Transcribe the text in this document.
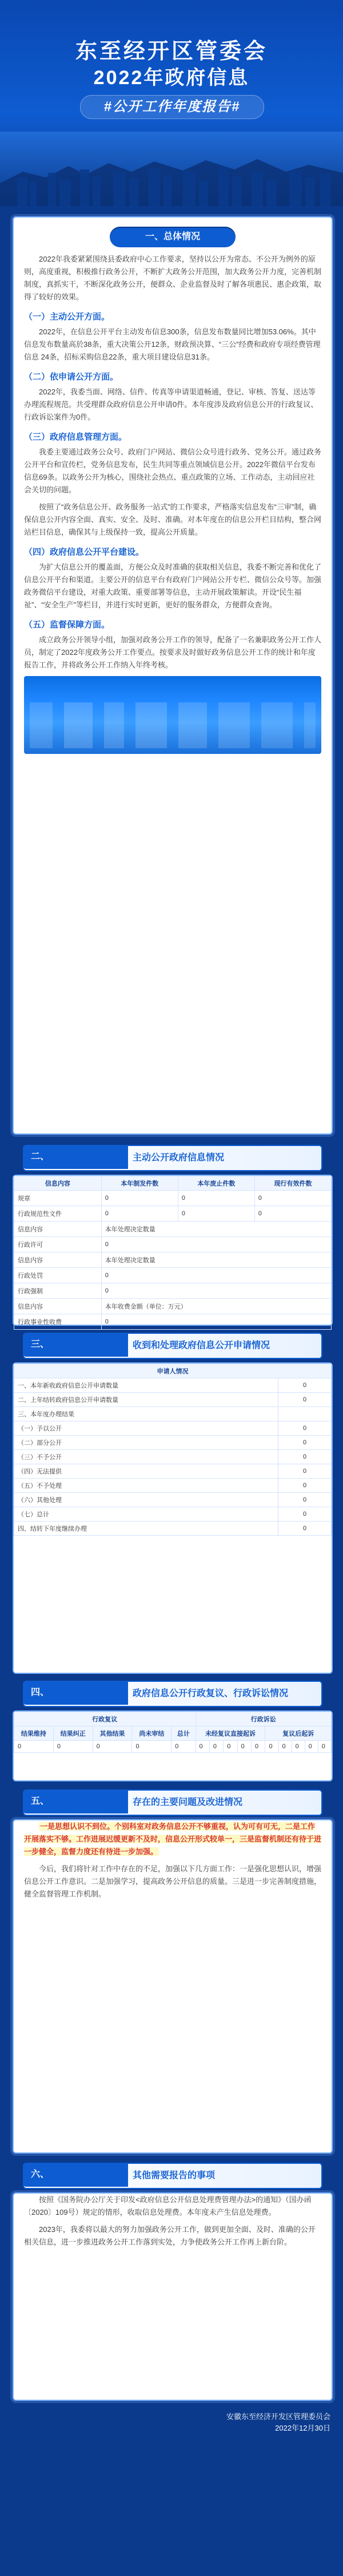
东至经开区管委会
2022年政府信息
#公开工作年度报告#
一、总体情况
2022年我委紧紧围绕县委政府中心工作要求，坚持以公开为常态、不公开为例外的原则，高度重视，积极推行政务公开，不断扩大政务公开范围，加大政务公开力度，完善机制制度，真抓实干，不断深化政务公开，便群众、企业监督及时了解各项惠民、惠企政策，取得了较好的效果。
（一）主动公开方面。
2022年，在信息公开平台主动发布信息300条，信息发布数量同比增加53.06%。其中信息发布数量高於38条，重大决策公开12条，财政预决算、“三公”经费和政府专项经费管理信息 24条，招标采购信息22条，重大项目建设信息31条。
（二）依申请公开方面。
2022年，我委当面、网络、信件、传真等申请渠道畅通，登记、审核、答复、送达等办理流程规范。共受理群众政府信息公开申请0件。本年度涉及政府信息公开的行政复议、行政诉讼案件为0件。
（三）政府信息管理方面。
我委主要通过政务公众号、政府门户网站、微信公众号进行政务、党务公开。通过政务公开平台和宣传栏，党务信息发布，民生共同等重点领域信息公开。2022年微信平台发布信息69条。以政务公开为核心，围绕社会热点、重点政策的立场、工作动态，主动回应社会关切的问题。
按照了“政务信息公开、政务服务一站式”的工作要求，严格落实信息发布“三审”制，确保信息公开内容全面、真实、安全、及时、准确。对本年度在的信息公开栏目结构，整合网站栏目信息，确保其与上级保持一致，提高公开质量。
（四）政府信息公开平台建设。
为扩大信息公开的覆盖面，方便公众及时准确的获取相关信息，我委不断完善和优化了信息公开平台和渠道。主要公开的信息平台有政府门户网站公开专栏、微信公众号等。加强政务微信平台建设，对重大政策、重要部署等信息，主动开展政策解读。开设“民生福祉”、“安全生产”等栏目，并进行实时更新，更好的服务群众，方便群众查询。
（五）监督保障方面。
成立政务公开领导小组，加强对政务公开工作的领导，配备了一名兼职政务公开工作人员，制定了2022年度政务公开工作要点。按要求及时做好政务信息公开工作的统计和年度报告工作，并将政务公开工作纳入年终考核。
二、	主动公开政府信息情况
信息内容	本年制发件数	本年废止件数	现行有效件数
规章	0	0	0
行政规范性文件	0	0	0
信息内容	本年处理决定数量		
行政许可	0		
信息内容	本年处理决定数量		
行政处罚	0		
行政强制	0		
信息内容	本年收费金额（单位：万元）		
行政事业性收费	0		
三、	收到和处理政府信息公开申请情况
申请人情况	
一、本年新收政府信息公开申请数量	0
二、上年结转政府信息公开申请数量	0
三、本年度办理结果	
（一）予以公开	0
（二）部分公开	0
（三）不予公开	0
（四）无法提供	0
（五）不予处理	0
（六）其他处理	0
（七）总计	0
四、结转下年度继续办理	0
四、	政府信息公开行政复议、行政诉讼情况
行政复议					行政诉讼									
结果维持	结果纠正	其他结果	尚未审结	总计	未经复议直接起诉					复议后起诉				
0	0	0	0	0	0	0	0	0	0	0	0	0	0	0
五、	存在的主要问题及改进情况
一是思想认识不到位。个别科室对政务信息公开不够重视，认为可有可无，二是工作开展落实不够。工作进展迟缓更新不及时，信息公开形式较单一，三是监督机制还有待于进一步健全，监督力度还有待进一步加强。
今后，我们将针对工作中存在的不足，加强以下几方面工作：一是强化思想认识，增强信息公开工作意识。二是加强学习，提高政务公开信息的质量。三是进一步完善制度措施，健全监督管理工作机制。
六、	其他需要报告的事项
按照《国务院办公厅关于印发<政府信息公开信息处理费管理办法>的通知》（国办函〔2020〕109号）规定的情形，收取信息处理费。本年度未产生信息处理费。
2023年，我委将以最大的努力加强政务公开工作，做到更加全面、及时、准确的公开相关信息，进一步推进政务公开工作落到实处，力争使政务公开工作再上新台阶。
安徽东至经济开发区管理委员会
2022年12月30日
